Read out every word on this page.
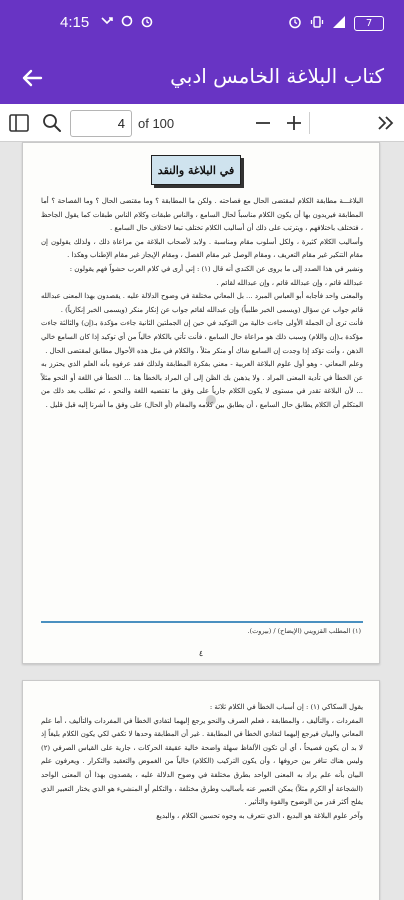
4:15	7
كتاب البلاغة الخامس ادبي
4
of 100
في البلاغة والنقد

البلاغـــة مطابقة الكلام لمقتضى الحال مع فصاحته . ولكن ما المطابقة ؟ وما مقتضى الحال ؟ وما الفصاحة ؟ أما المطابقة فيريدون بها أن يكون الكلام مناسباً لحال السامع ، والناس طبقات وكلام الناس طبقات كما يقول الجاحظ ، فتختلف باختلافهم ، ويترتب على ذلك أن أساليب الكلام تختلف تبعا لاختلاف حال السامع .

وأساليب الكلام كثيرة ، ولكل أسلوب مقام ومناسبة . ولابد لأصحاب البلاغة من مراعاة ذلك ، ولذلك يقولون إن مقام التنكير غير مقام التعريف ، ومقام الوصل غير مقام الفصل ، ومقام الإيجاز غير مقام الإطناب وهكذا .

ونشير في هذا الصدد إلى ما يروى عن الكندي أنه قال (١) : إني أرى في كلام العرب حشواً فهم يقولون :

عبدالله قائم ، وإن عبدالله قائم ، وإن عبدالله لقائم .

والمعنى واحد فأجابه أبو العباس المبرد ... بل المعاني مختلفة في وضوح الدلالة عليه . يقصدون بهذا المعنى عبدالله قائم جواب عن سؤال (ويسمى الخبر طلبياً) وإن عبدالله لقائم جواب عن إنكار منكر (ويسمى الخبر إنكارياً) .

فأنت ترى أن الجملة الأولى جاءت خالية من التوكيد في حين إن الجملتين الثانية جاءت مؤكدة بـ(إن) والثالثة جاءت مؤكدة بـ(إن واللام) وسبب ذلك هو مراعاة حال السامع ، فأنت تأتي بالكلام خالياً من أي توكيد إذا كان السامع خالي الذهن ، وأنت تؤكد إذا وجدت إن السامع شاك أو منكر مثلاً ، والكلام في مثل هذه الأحوال مطابق لمقتضى الحال .

وعلم المعاني - وهو أول علوم البلاغة العربية - معني بفكرة المطابقة ولذلك فقد عرفوه بأنه العلم الذي يحترز به عن الخطأ في تأدية المعنى المراد . ولا يذهبن بك الظن إلى أن المراد بالخطأ هنا ... الخطأ في اللغة أو النحو مثلاً ... لأن البلاغة تقدر في مستوى لا يكون الكلام جارياً على وفق ما تقتضيه اللغة والنحو ، ثم تطلب بعد ذلك من المتكلم أن الكلام يطابق حال السامع ، أن يطابق بين كلامه والمقام (أو الحال) على وفق ما أشرنا إليه قبل قليل .

(١) المطلب القزويني (الإيضاح) / (بيروت).
٤

يقول السكاكي (١) : إن أسباب الخطأ في الكلام ثلاثة :

المفردات ، والتأليف ، والمطابقة ، فعلم الصرف والنحو يرجع إليهما لتفادي الخطأ في المفردات والتأليف ، أما علم المعاني والبيان فيرجع إليهما لتفادي الخطأ في المطابقة . غير أن المطابقة وحدها لا تكفي لكي يكون الكلام بليغاً إذ لا بد أن يكون فصيحاً ، أي أن تكون الألفاظ سهلة واضحة خالية عقيقة الحركات ، جارية على القياس الصرفي (٢) وليس هناك تنافر بين حروفها ، وأن يكون التركيب (الكلام) خالياً من الغموض والتعقيد والتكرار . ويعرفون علم البيان بأنه علم يراد به المعنى الواحد بطرق مختلفة في وضوح الدلالة عليه ، يقصدون بهذا أن المعنى الواحد (الشجاعة أو الكرم مثلاً) يمكن التعبير عنه بأساليب وطرق مختلفة ، والتكلم أو المنشيء هو الذي يختار التعبير الذي يفلح أكثر قدر من الوضوح والقوة والتأثير .

وآخر علوم البلاغة هو البديع ، الذي نتعرف به وجوه تحسين الكلام ، والبديع
